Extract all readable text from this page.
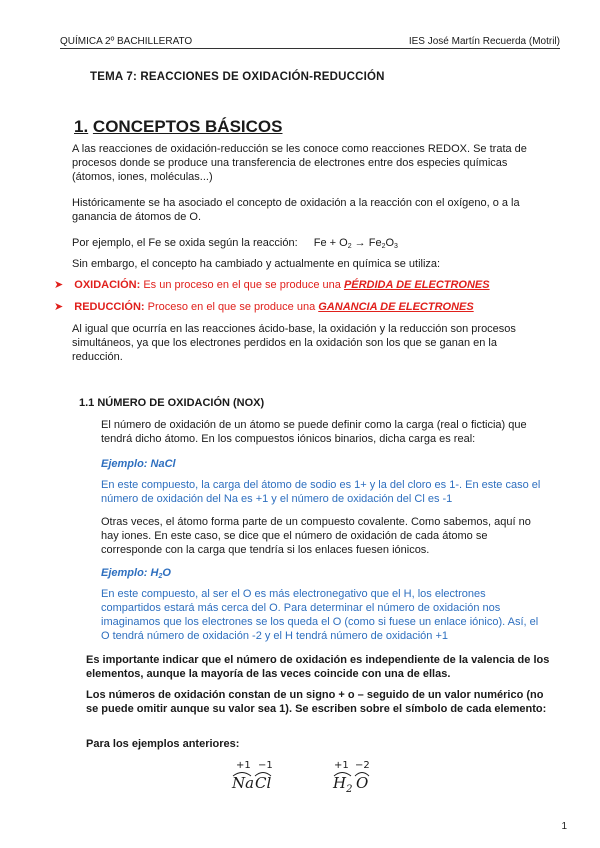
QUÍMICA 2º BACHILLERATO	IES José Martín Recuerda (Motril)
TEMA 7: REACCIONES DE OXIDACIÓN-REDUCCIÓN
1. CONCEPTOS BÁSICOS

A las reacciones de oxidación-reducción se les conoce como reacciones REDOX. Se trata de procesos donde se produce una transferencia de electrones entre dos especies químicas (átomos, iones, moléculas...)

Históricamente se ha asociado el concepto de oxidación a la reacción con el oxígeno, o a la ganancia de átomos de O.

Por ejemplo, el Fe se oxida según la reacción: Fe + O2 → Fe2O3

Sin embargo, el concepto ha cambiado y actualmente en química se utiliza:

➤ OXIDACIÓN: Es un proceso en el que se produce una PÉRDIDA DE ELECTRONES
➤ REDUCCIÓN: Proceso en el que se produce una GANANCIA DE ELECTRONES

Al igual que ocurría en las reacciones ácido-base, la oxidación y la reducción son procesos simultáneos, ya que los electrones perdidos en la oxidación son los que se ganan en la reducción.

1.1 NÚMERO DE OXIDACIÓN (NOX)

El número de oxidación de un átomo se puede definir como la carga (real o ficticia) que tendrá dicho átomo. En los compuestos iónicos binarios, dicha carga es real:

Ejemplo: NaCl

En este compuesto, la carga del átomo de sodio es 1+ y la del cloro es 1-. En este caso el número de oxidación del Na es +1 y el número de oxidación del Cl es -1

Otras veces, el átomo forma parte de un compuesto covalente. Como sabemos, aquí no hay iones. En este caso, se dice que el número de oxidación de cada átomo se corresponde con la carga que tendría si los enlaces fuesen iónicos.

Ejemplo: H2O

En este compuesto, al ser el O es más electronegativo que el H, los electrones compartidos estará más cerca del O. Para determinar el número de oxidación nos imaginamos que los electrones se los queda el O (como si fuese un enlace iónico). Así, el O tendrá número de oxidación -2 y el H tendrá número de oxidación +1

Es importante indicar que el número de oxidación es independiente de la valencia de los elementos, aunque la mayoría de las veces coincide con una de ellas.

Los números de oxidación constan de un signo + o – seguido de un valor numérico (no se puede omitir aunque su valor sea 1). Se escriben sobre el símbolo de cada elemento:

Para los ejemplos anteriores:

+1 −1
Na Cl
+1 −2
$H_2$ O
1
